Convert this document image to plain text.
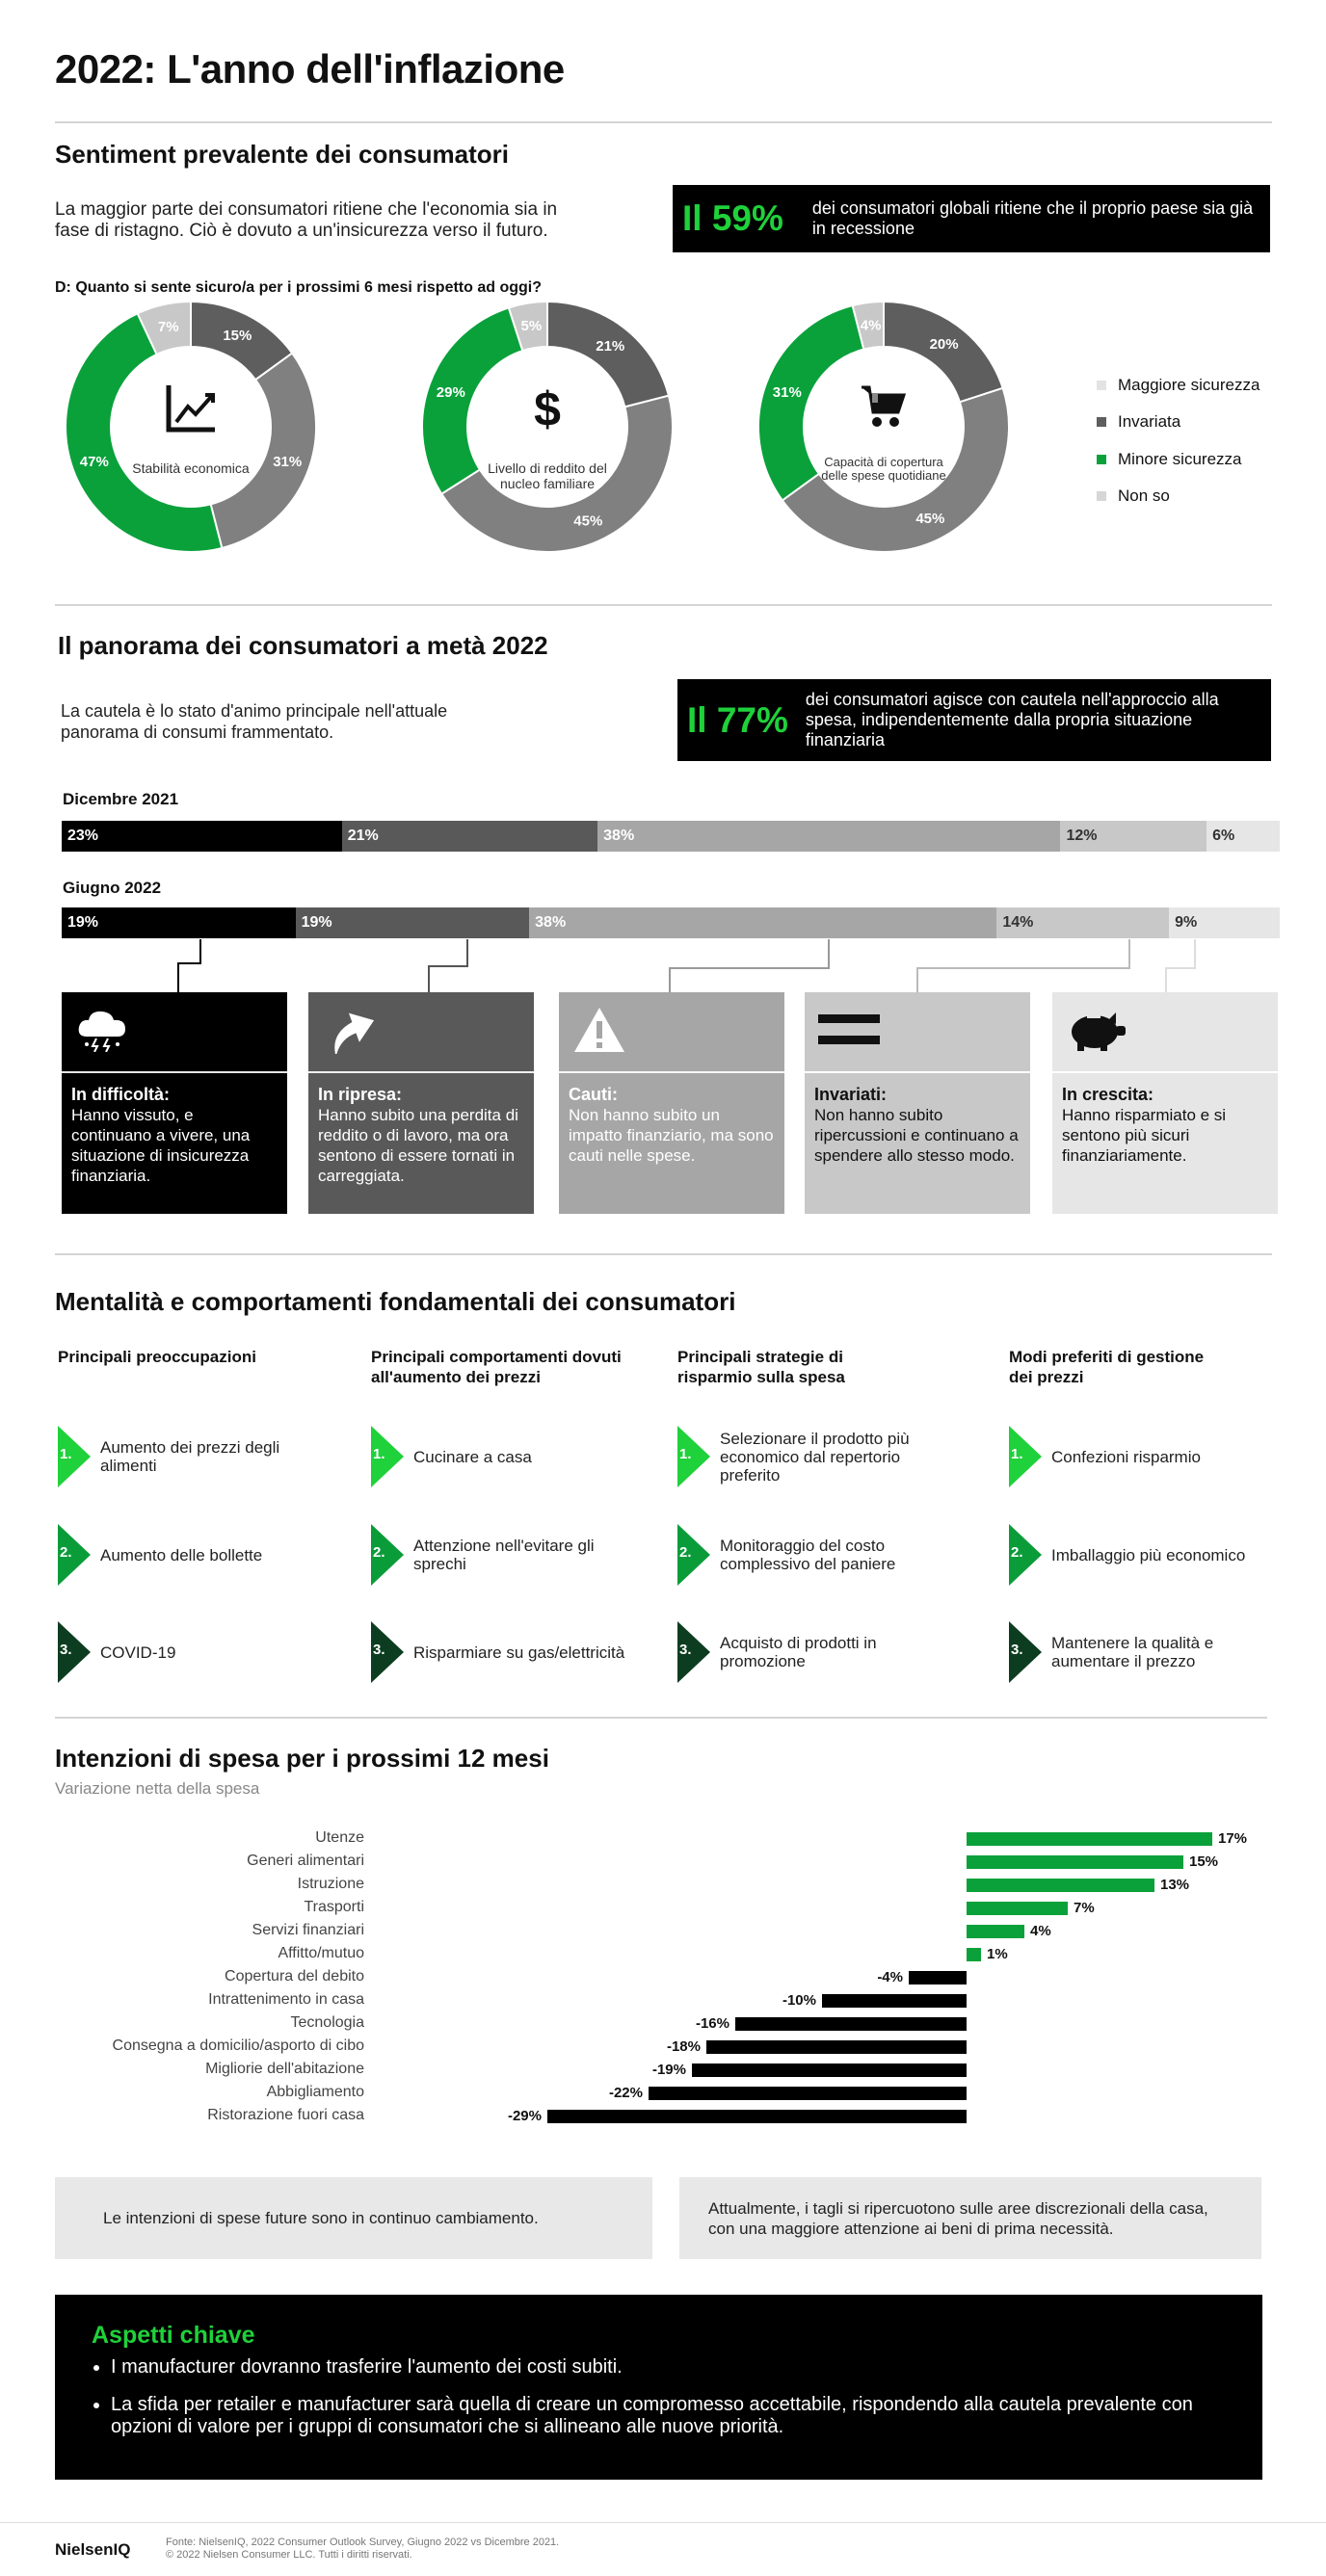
2022: L'anno dell'inflazione
Sentiment prevalente dei consumatori
La maggior parte dei consumatori ritiene che l'economia sia in fase di ristagno. Ciò è dovuto a un'insicurezza verso il futuro.	Il 59% dei consumatori globali ritiene che il proprio paese sia già in recessione
D: Quanto si sente sicuro/a per i prossimi 6 mesi rispetto ad oggi?
15%
31%
47%
7%
Stabilità economica
21%
45%
29%
5%
$
Livello di reddito del nucleo familiare
20%
45%
31%
4%
Capacità di copertura delle spese quotidiane
Maggiore sicurezza
Invariata
Minore sicurezza
Non so
Il panorama dei consumatori a metà 2022
La cautela è lo stato d'animo principale nell'attuale panorama di consumi frammentato.	Il 77%
dei consumatori agisce con cautela nell'approccio alla spesa, indipendentemente dalla propria situazione finanziaria
Dicembre 2021
23%	21%	38%	12%	6%
Giugno 2022
19%	19%	38%	14%	9%
In difficoltà:
Hanno vissuto, e continuano a vivere, una situazione di insicurezza finanziaria.
In ripresa:
Hanno subito una perdita di reddito o di lavoro, ma ora sentono di essere tornati in carreggiata.
Cauti:
Non hanno subito un impatto finanziario, ma sono cauti nelle spese.
Invariati:
Non hanno subito ripercussioni e continuano a spendere allo stesso modo.
In crescita:
Hanno risparmiato e si sentono più sicuri finanziariamente.
Mentalità e comportamenti fondamentali dei consumatori
Principali preoccupazioni
1. Aumento dei prezzi degli alimenti
2. Aumento delle bollette
3. COVID-19
Principali comportamenti dovuti all'aumento dei prezzi
1. Cucinare a casa
2. Attenzione nell'evitare gli sprechi
3. Risparmiare su gas/elettricità
Principali strategie di risparmio sulla spesa
1.
Selezionare il prodotto più economico dal repertorio preferito
2. Monitoraggio del costo complessivo del paniere
3. Acquisto di prodotti in promozione
Modi preferiti di gestione dei prezzi
1. Confezioni risparmio
2. Imballaggio più economico
3. Mantenere la qualità e aumentare il prezzo
Intenzioni di spesa per i prossimi 12 mesi
Variazione netta della spesa
Utenze	17%
Generi alimentari	15%
Istruzione	13%
Trasporti	7%
Servizi finanziari	4%
Affitto/mutuo	1%
Copertura del debito	-4%
Intrattenimento in casa	-10%
Tecnologia	-16%
Consegna a domicilio/asporto di cibo	-18%
Migliorie dell'abitazione	-19%
Abbigliamento	-22%
Ristorazione fuori casa	-29%
Le intenzioni di spese future sono in continuo cambiamento.
Attualmente, i tagli si ripercuotono sulle aree discrezionali della casa, con una maggiore attenzione ai beni di prima necessità.
Aspetti chiave
• I manufacturer dovranno trasferire l'aumento dei costi subiti.
• La sfida per retailer e manufacturer sarà quella di creare un compromesso accettabile, rispondendo alla cautela prevalente con opzioni di valore per i gruppi di consumatori che si allineano alle nuove priorità.
NielsenIQ	Fonte: NielsenIQ, 2022 Consumer Outlook Survey, Giugno 2022 vs Dicembre 2021.
© 2022 Nielsen Consumer LLC. Tutti i diritti riservati.
